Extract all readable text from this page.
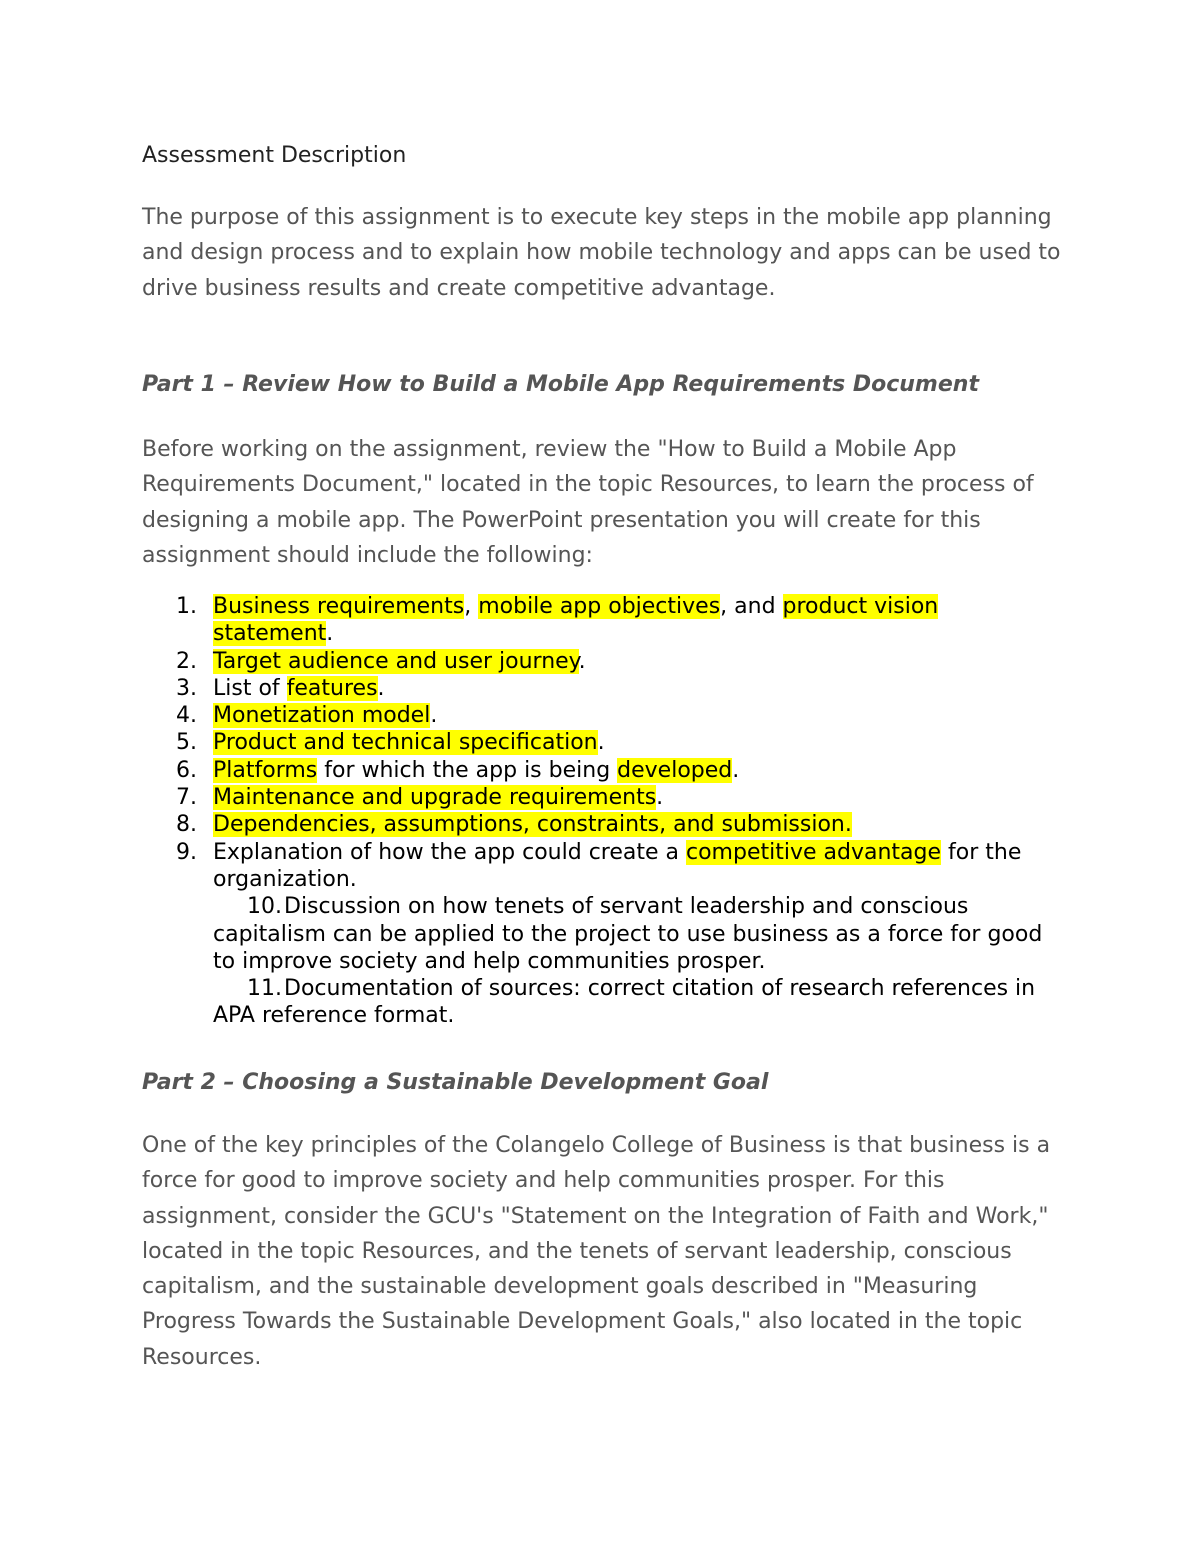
Assessment Description

The purpose of this assignment is to execute key steps in the mobile app planning and design process and to explain how mobile technology and apps can be used to drive business results and create competitive advantage.

Part 1 – Review How to Build a Mobile App Requirements Document

Before working on the assignment, review the "How to Build a Mobile App Requirements Document," located in the topic Resources, to learn the process of designing a mobile app. The PowerPoint presentation you will create for this assignment should include the following:

1. Business requirements, mobile app objectives, and product vision statement.
2. Target audience and user journey.
3. List of features.
4. Monetization model.
5. Product and technical specification.
6. Platforms for which the app is being developed.
7. Maintenance and upgrade requirements.
8. Dependencies, assumptions, constraints, and submission.
9. Explanation of how the app could create a competitive advantage for the organization.
10. Discussion on how tenets of servant leadership and conscious capitalism can be applied to the project to use business as a force for good to improve society and help communities prosper.
11. Documentation of sources: correct citation of research references in APA reference format.

Part 2 – Choosing a Sustainable Development Goal

One of the key principles of the Colangelo College of Business is that business is a force for good to improve society and help communities prosper. For this assignment, consider the GCU's "Statement on the Integration of Faith and Work," located in the topic Resources, and the tenets of servant leadership, conscious capitalism, and the sustainable development goals described in "Measuring Progress Towards the Sustainable Development Goals," also located in the topic Resources.
